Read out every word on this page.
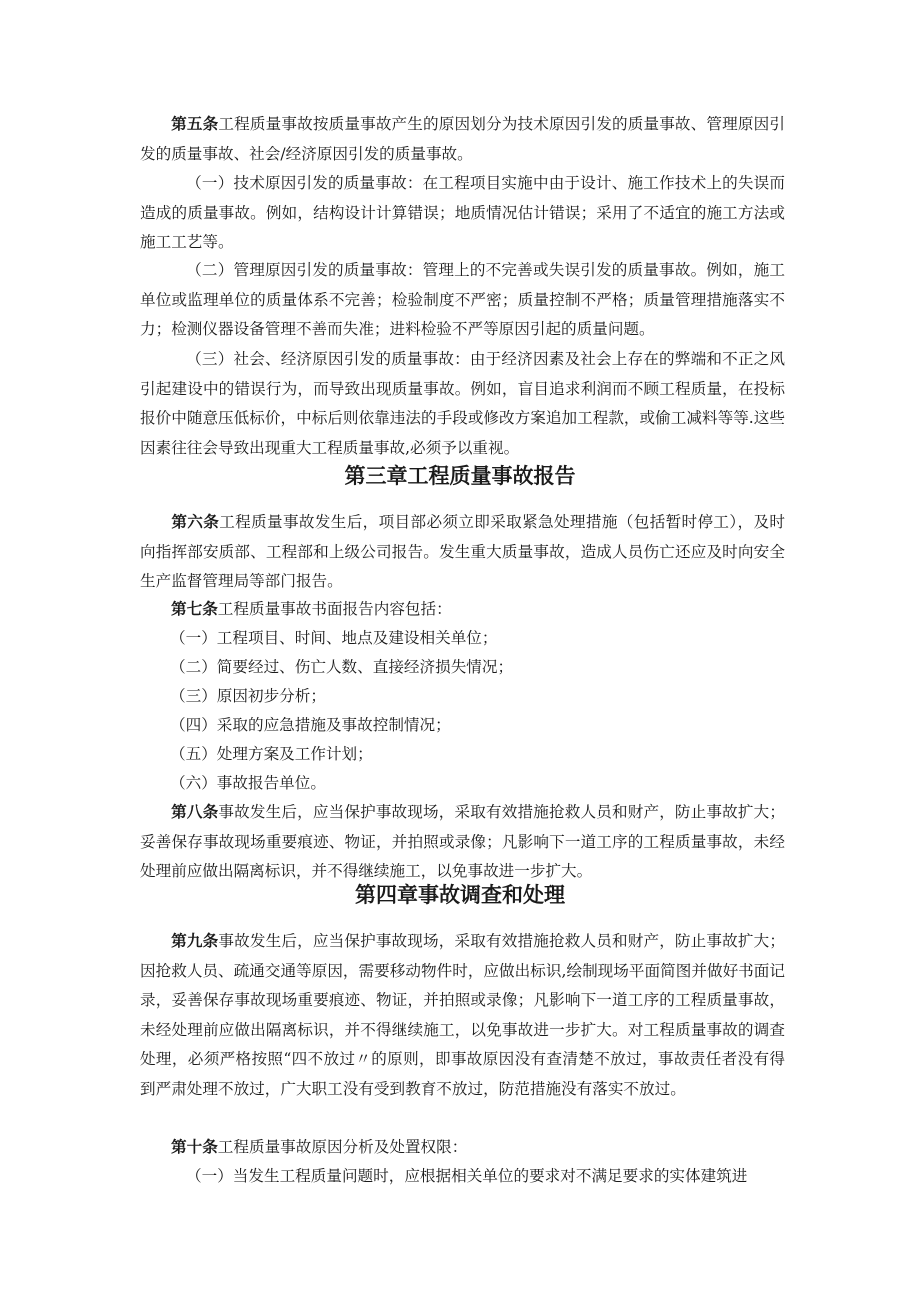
第五条工程质量事故按质量事故产生的原因划分为技术原因引发的质量事故、管理原因引发的质量事故、社会/经济原因引发的质量事故。

（一）技术原因引发的质量事故：在工程项目实施中由于设计、施工作技术上的失误而造成的质量事故。例如，结构设计计算错误；地质情况估计错误；采用了不适宜的施工方法或施工工艺等。

（二）管理原因引发的质量事故：管理上的不完善或失误引发的质量事故。例如，施工单位或监理单位的质量体系不完善；检验制度不严密；质量控制不严格；质量管理措施落实不力；检测仪器设备管理不善而失准；进料检验不严等原因引起的质量问题。

（三）社会、经济原因引发的质量事故：由于经济因素及社会上存在的弊端和不正之风引起建设中的错误行为，而导致出现质量事故。例如，盲目追求利润而不顾工程质量，在投标报价中随意压低标价，中标后则依靠违法的手段或修改方案追加工程款，或偷工减料等等.这些因素往往会导致出现重大工程质量事故,必须予以重视。

第三章工程质量事故报告

第六条工程质量事故发生后，项目部必须立即采取紧急处理措施（包括暂时停工），及时向指挥部安质部、工程部和上级公司报告。发生重大质量事故，造成人员伤亡还应及时向安全生产监督管理局等部门报告。

第七条工程质量事故书面报告内容包括：

（一）工程项目、时间、地点及建设相关单位；

（二）简要经过、伤亡人数、直接经济损失情况；

（三）原因初步分析；

（四）采取的应急措施及事故控制情况；

（五）处理方案及工作计划；

（六）事故报告单位。

第八条事故发生后，应当保护事故现场，采取有效措施抢救人员和财产，防止事故扩大；妥善保存事故现场重要痕迹、物证，并拍照或录像；凡影响下一道工序的工程质量事故，未经处理前应做出隔离标识，并不得继续施工，以免事故进一步扩大。

第四章事故调查和处理

第九条事故发生后，应当保护事故现场，采取有效措施抢救人员和财产，防止事故扩大；因抢救人员、疏通交通等原因，需要移动物件时，应做出标识,绘制现场平面简图并做好书面记录，妥善保存事故现场重要痕迹、物证，并拍照或录像；凡影响下一道工序的工程质量事故，未经处理前应做出隔离标识，并不得继续施工，以免事故进一步扩大。对工程质量事故的调查处理，必须严格按照“四不放过〃的原则，即事故原因没有查清楚不放过，事故责任者没有得到严肃处理不放过，广大职工没有受到教育不放过，防范措施没有落实不放过。

第十条工程质量事故原因分析及处置权限：

（一）当发生工程质量问题时，应根据相关单位的要求对不满足要求的实体建筑进
